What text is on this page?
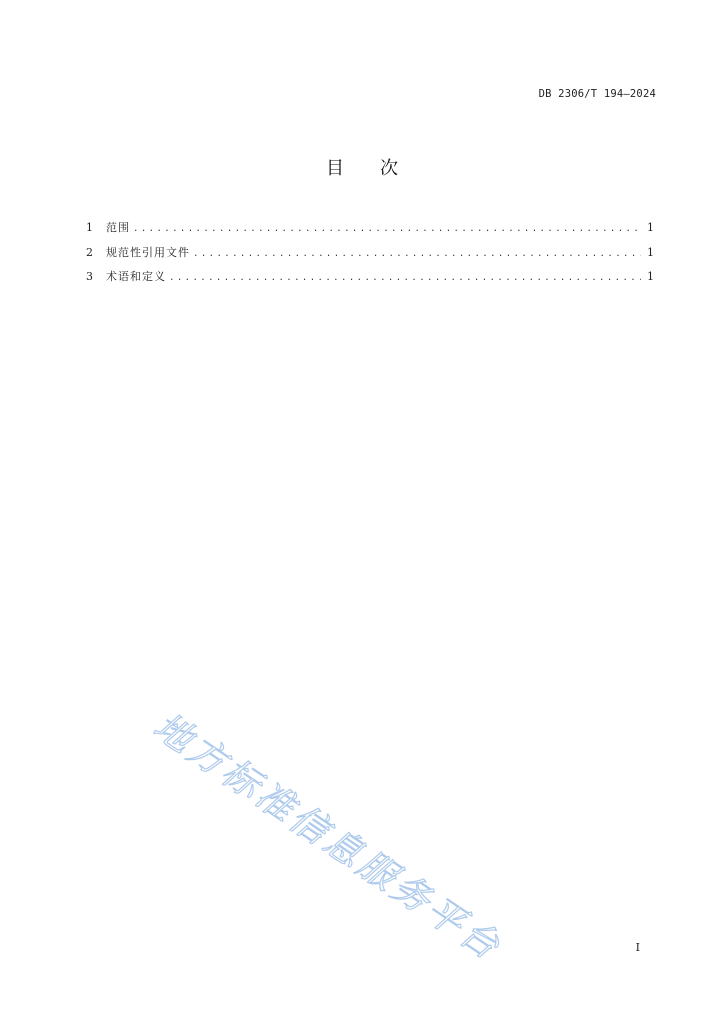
DB 2306/T 194—2024
目 次
1	范围 .....	1
2	规范性引用文件 .....	1
3	术语和定义 .....	1
地方标准信息服务平台	I
